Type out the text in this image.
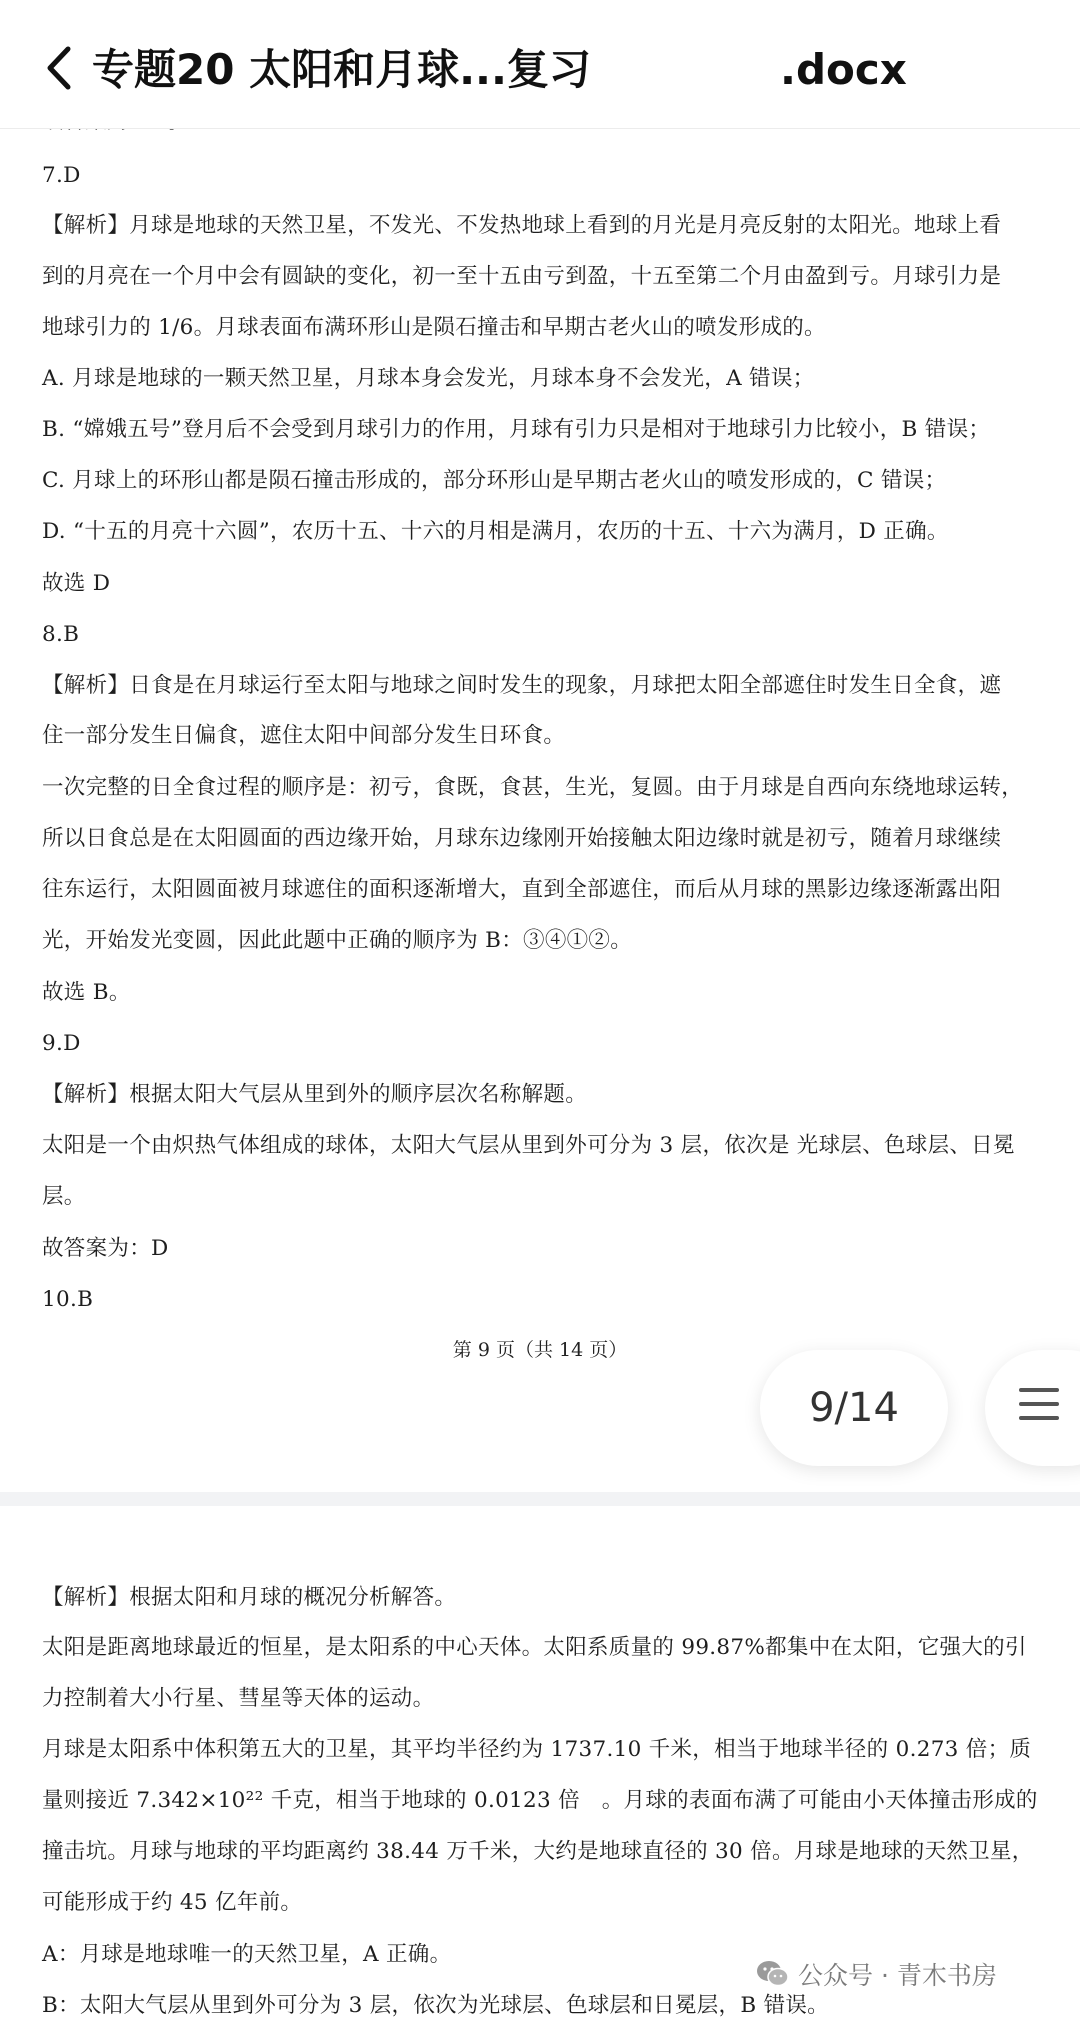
专题20 太阳和月球...复习	.docx
7.D
【解析】月球是地球的天然卫星，不发光、不发热地球上看到的月光是月亮反射的太阳光。地球上看
到的月亮在一个月中会有圆缺的变化，初一至十五由亏到盈，十五至第二个月由盈到亏。月球引力是
地球引力的 1/6。月球表面布满环形山是陨石撞击和早期古老火山的喷发形成的。
A. 月球是地球的一颗天然卫星，月球本身会发光，月球本身不会发光，A 错误；
B. “嫦娥五号”登月后不会受到月球引力的作用，月球有引力只是相对于地球引力比较小，B 错误；
C. 月球上的环形山都是陨石撞击形成的，部分环形山是早期古老火山的喷发形成的，C 错误；
D. “十五的月亮十六圆”，农历十五、十六的月相是满月，农历的十五、十六为满月，D 正确。
故选 D
8.B
【解析】日食是在月球运行至太阳与地球之间时发生的现象，月球把太阳全部遮住时发生日全食，遮
住一部分发生日偏食，遮住太阳中间部分发生日环食。
一次完整的日全食过程的顺序是：初亏，食既，食甚，生光，复圆。由于月球是自西向东绕地球运转，
所以日食总是在太阳圆面的西边缘开始，月球东边缘刚开始接触太阳边缘时就是初亏，随着月球继续
往东运行，太阳圆面被月球遮住的面积逐渐增大，直到全部遮住，而后从月球的黑影边缘逐渐露出阳
光，开始发光变圆，因此此题中正确的顺序为 B：③④①②。
故选 B。
9.D
【解析】根据太阳大气层从里到外的顺序层次名称解题。
太阳是一个由炽热气体组成的球体，太阳大气层从里到外可分为 3 层，依次是 光球层、色球层、日冕
层。
故答案为：D
10.B
第 9 页（共 14 页）
9/14
【解析】根据太阳和月球的概况分析解答。
太阳是距离地球最近的恒星，是太阳系的中心天体。太阳系质量的 99.87%都集中在太阳，它强大的引
力控制着大小行星、彗星等天体的运动。
月球是太阳系中体积第五大的卫星，其平均半径约为 1737.10 千米，相当于地球半径的 0.273 倍；质
量则接近 7.342×10²² 千克，相当于地球的 0.0123 倍　。月球的表面布满了可能由小天体撞击形成的
撞击坑。月球与地球的平均距离约 38.44 万千米，大约是地球直径的 30 倍。月球是地球的天然卫星，
可能形成于约 45 亿年前。
A：月球是地球唯一的天然卫星，A 正确。
B：太阳大气层从里到外可分为 3 层，依次为光球层、色球层和日冕层，B 错误。
公众号 · 青木书房
